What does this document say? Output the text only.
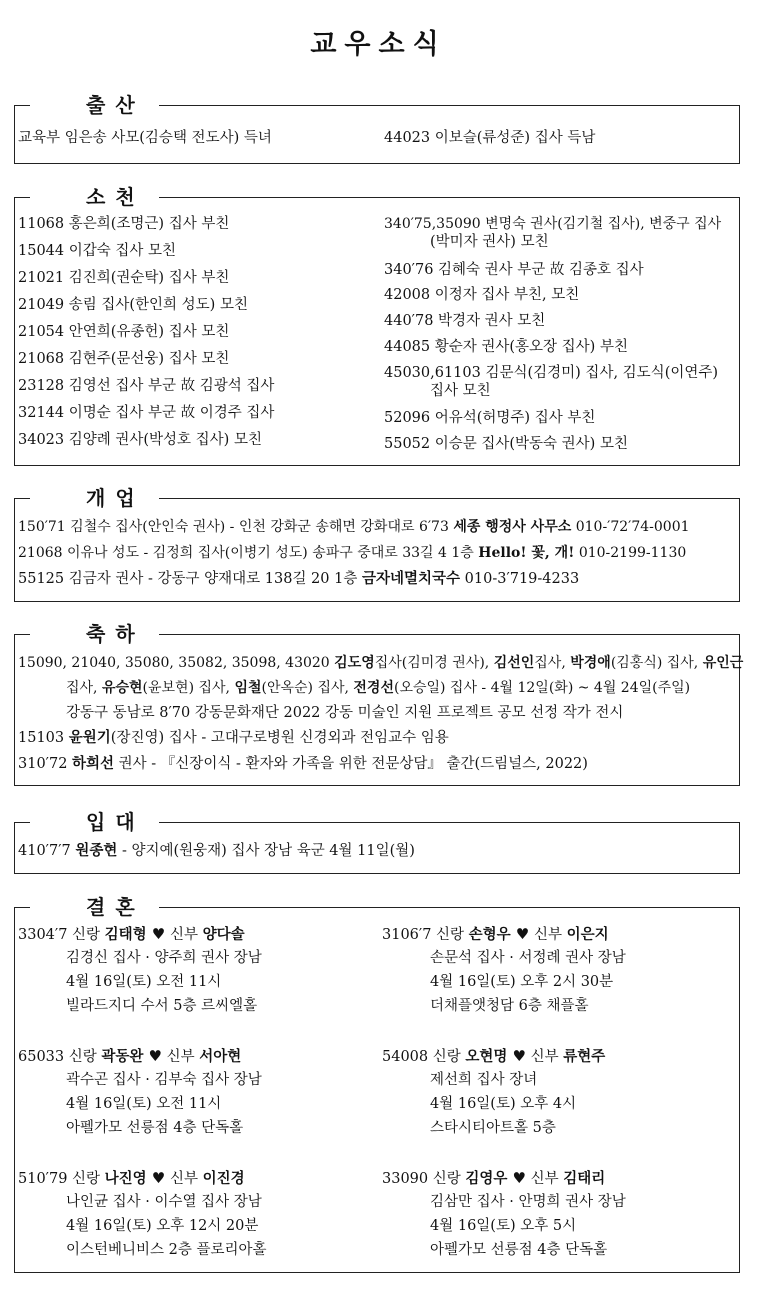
교우소식
출산
교육부 임은송 사모(김승택 전도사) 득녀	44023 이보슬(류성준) 집사 득남
소천
11068 홍은희(조명근) 집사 부친
15044 이갑숙 집사 모친
21021 김진희(권순탁) 집사 부친
21049 송림 집사(한인희 성도) 모친
21054 안연희(유종헌) 집사 모친
21068 김현주(문선웅) 집사 모친
23128 김영선 집사 부군 故 김광석 집사
32144 이명순 집사 부군 故 이경주 집사
34023 김양례 권사(박성호 집사) 모친
340′75,35090 변명숙 권사(김기철 집사), 변중구 집사
(박미자 권사) 모친
340′76 김혜숙 권사 부군 故 김종호 집사
42008 이정자 집사 부친, 모친
440′78 박경자 권사 모친
44085 황순자 권사(홍오장 집사) 부친
45030,61103 김문식(김경미) 집사, 김도식(이연주)
집사 모친
52096 어유석(허명주) 집사 부친
55052 이승문 집사(박동숙 권사) 모친
개업
150′71 김철수 집사(안인숙 권사) - 인천 강화군 송해면 강화대로 6′73 세종 행정사 사무소 010-′72′74-0001
21068 이유나 성도 - 김정희 집사(이병기 성도) 송파구 중대로 33길 4 1층 Hello! 꽃, 개! 010-2199-1130
55125 김금자 권사 - 강동구 양재대로 138길 20 1층 금자네멸치국수 010-3′719-4233
축하
15090, 21040, 35080, 35082, 35098, 43020 김도영집사(김미경 권사), 김선인집사, 박경애(김홍식) 집사, 유인근
집사, 유승현(윤보현) 집사, 임철(안옥순) 집사, 전경선(오승일) 집사 - 4월 12일(화) ~ 4월 24일(주일)
강동구 동남로 8′70 강동문화재단 2022 강동 미술인 지원 프로젝트 공모 선정 작가 전시
15103 윤원기(장진영) 집사 - 고대구로병원 신경외과 전임교수 임용
310′72 하희선 권사 - 『신장이식 - 환자와 가족을 위한 전문상담』 출간(드림널스, 2022)
입대
410′7′7 원종현 - 양지예(원웅재) 집사 장남 육군 4월 11일(월)
결혼
3304′7 신랑 김태형 ♥ 신부 양다솔
김경신 집사 · 양주희 권사 장남
4월 16일(토) 오전 11시
빌라드지디 수서 5층 르씨엘홀
3106′7 신랑 손형우 ♥ 신부 이은지
손문석 집사 · 서정례 권사 장남
4월 16일(토) 오후 2시 30분
더채플앳청담 6층 채플홀
65033 신랑 곽동완 ♥ 신부 서아현
곽수곤 집사 · 김부숙 집사 장남
4월 16일(토) 오전 11시
아펠가모 선릉점 4층 단독홀
54008 신랑 오현명 ♥ 신부 류현주
제선희 집사 장녀
4월 16일(토) 오후 4시
스타시티아트홀 5층
510′79 신랑 나진영 ♥ 신부 이진경
나인균 집사 · 이수열 집사 장남
4월 16일(토) 오후 12시 20분
이스턴베니비스 2층 플로리아홀
33090 신랑 김영우 ♥ 신부 김태리
김삼만 집사 · 안명희 권사 장남
4월 16일(토) 오후 5시
아펠가모 선릉점 4층 단독홀
